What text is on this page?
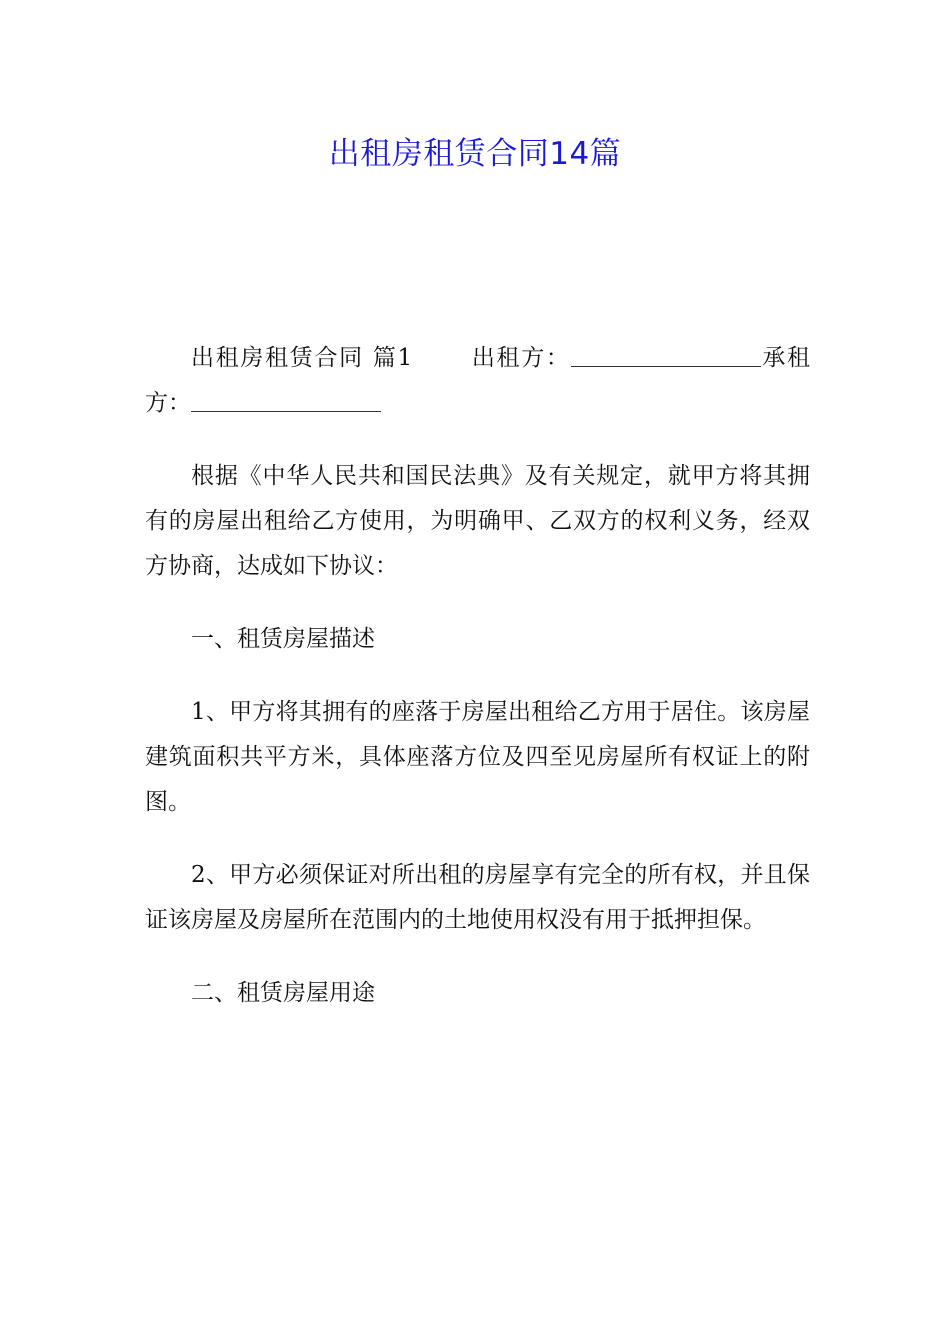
出租房租赁合同14篇

出租房租赁合同 篇1	出租方：	承租方：

根据《中华人民共和国民法典》及有关规定，就甲方将其拥有的房屋出租给乙方使用，为明确甲、乙双方的权利义务，经双方协商，达成如下协议：

一、租赁房屋描述

1、甲方将其拥有的座落于房屋出租给乙方用于居住。该房屋建筑面积共平方米，具体座落方位及四至见房屋所有权证上的附图。

2、甲方必须保证对所出租的房屋享有完全的所有权，并且保证该房屋及房屋所在范围内的土地使用权没有用于抵押担保。

二、租赁房屋用途
